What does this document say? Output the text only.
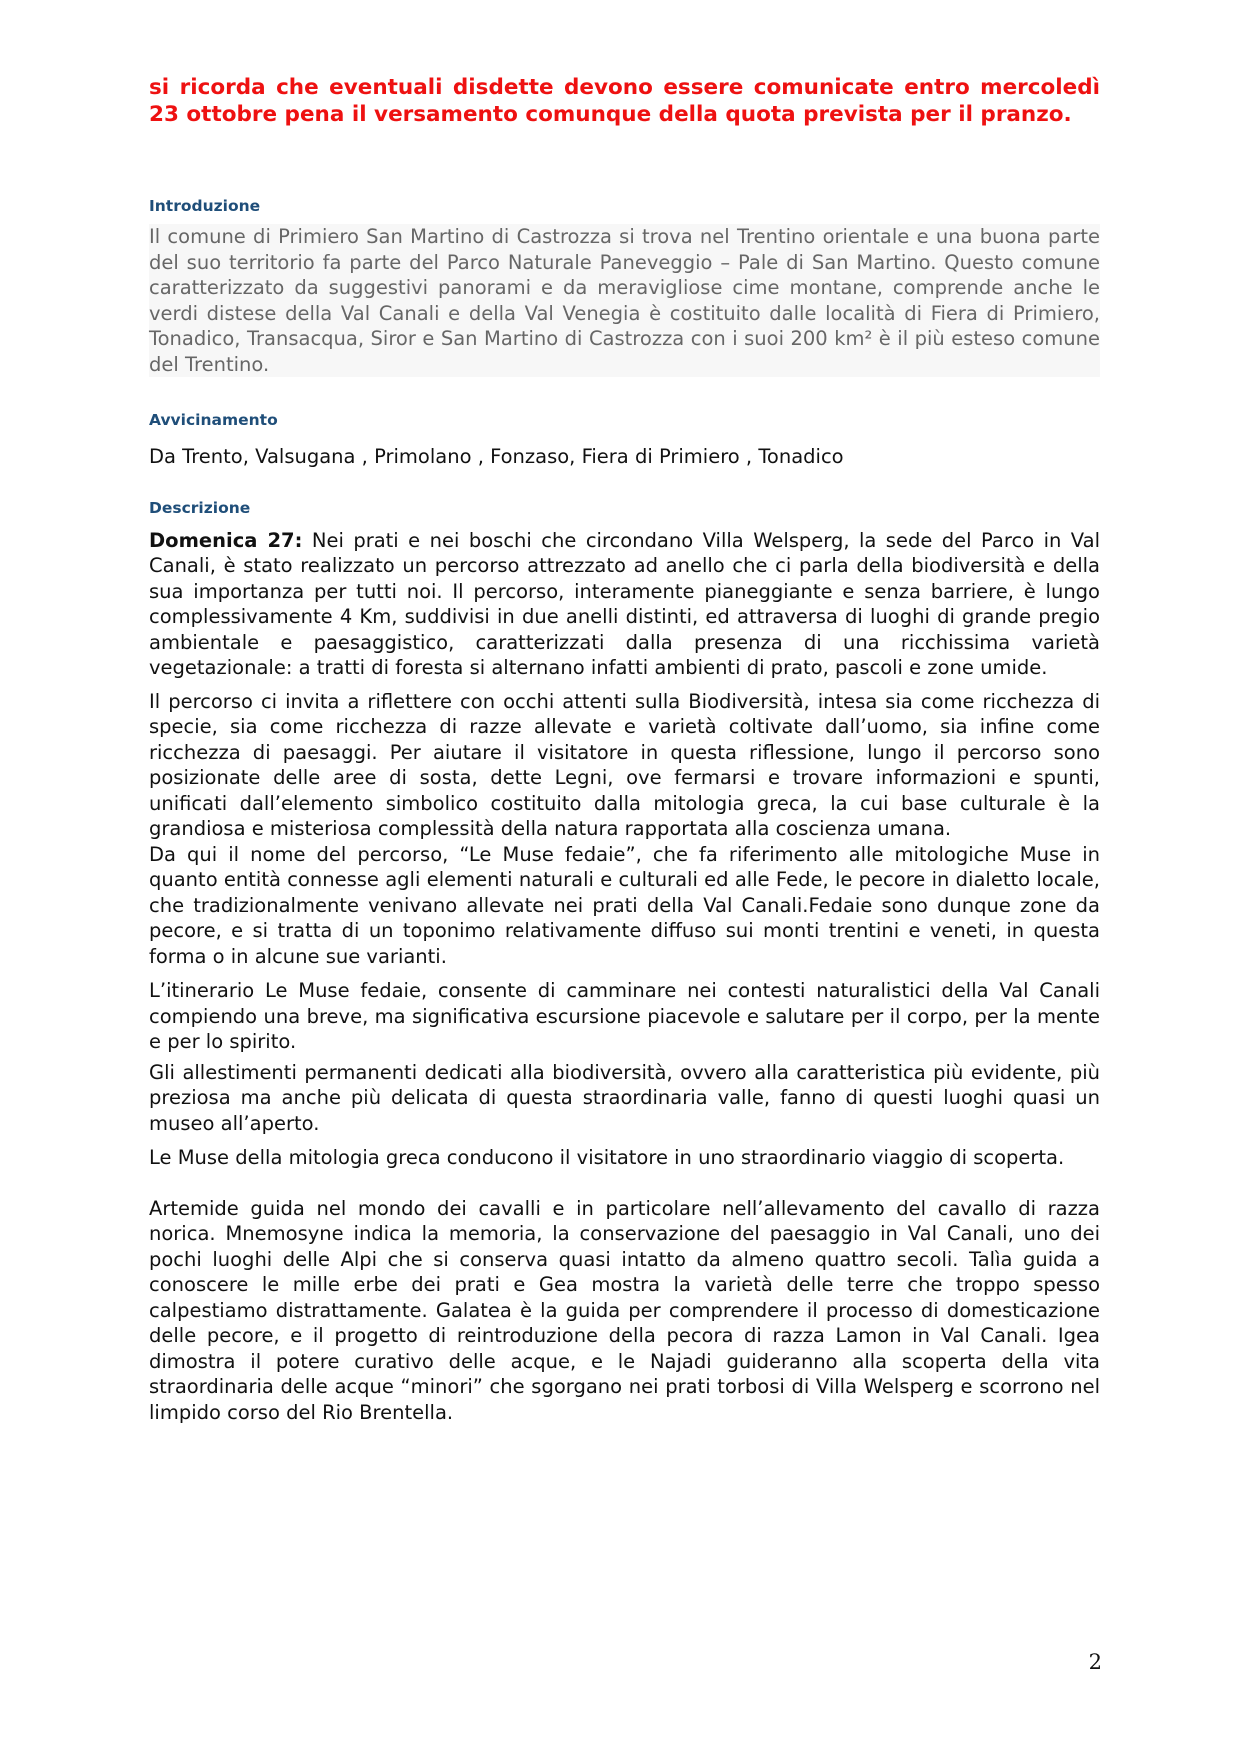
si ricorda che eventuali disdette devono essere comunicate entro mercoledì 23 ottobre pena il versamento comunque della quota prevista per il pranzo.

Introduzione

Il comune di Primiero San Martino di Castrozza si trova nel Trentino orientale e una buona parte del suo territorio fa parte del Parco Naturale Paneveggio – Pale di San Martino. Questo comune caratterizzato da suggestivi panorami e da meravigliose cime montane, comprende anche le verdi distese della Val Canali e della Val Venegia è costituito dalle località di Fiera di Primiero, Tonadico, Transacqua, Siror e San Martino di Castrozza con i suoi 200 km² è il più esteso comune del Trentino.

Avvicinamento

Da Trento, Valsugana , Primolano , Fonzaso, Fiera di Primiero , Tonadico

Descrizione

Domenica 27: Nei prati e nei boschi che circondano Villa Welsperg, la sede del Parco in Val Canali, è stato realizzato un percorso attrezzato ad anello che ci parla della biodiversità e della sua importanza per tutti noi. Il percorso, interamente pianeggiante e senza barriere, è lungo complessivamente 4 Km, suddivisi in due anelli distinti, ed attraversa di luoghi di grande pregio ambientale e paesaggistico, caratterizzati dalla presenza di una ricchissima varietà vegetazionale: a tratti di foresta si alternano infatti ambienti di prato, pascoli e zone umide.

Il percorso ci invita a riflettere con occhi attenti sulla Biodiversità, intesa sia come ricchezza di specie, sia come ricchezza di razze allevate e varietà coltivate dall’uomo, sia infine come ricchezza di paesaggi. Per aiutare il visitatore in questa riflessione, lungo il percorso sono posizionate delle aree di sosta, dette Legni, ove fermarsi e trovare informazioni e spunti, unificati dall’elemento simbolico costituito dalla mitologia greca, la cui base culturale è la grandiosa e misteriosa complessità della natura rapportata alla coscienza umana.

Da qui il nome del percorso, “Le Muse fedaie”, che fa riferimento alle mitologiche Muse in quanto entità connesse agli elementi naturali e culturali ed alle Fede, le pecore in dialetto locale, che tradizionalmente venivano allevate nei prati della Val Canali.Fedaie sono dunque zone da pecore, e si tratta di un toponimo relativamente diffuso sui monti trentini e veneti, in questa forma o in alcune sue varianti.

L’itinerario Le Muse fedaie, consente di camminare nei contesti naturalistici della Val Canali compiendo una breve, ma significativa escursione piacevole e salutare per il corpo, per la mente e per lo spirito.

Gli allestimenti permanenti dedicati alla biodiversità, ovvero alla caratteristica più evidente, più preziosa ma anche più delicata di questa straordinaria valle, fanno di questi luoghi quasi un museo all’aperto.

Le Muse della mitologia greca conducono il visitatore in uno straordinario viaggio di scoperta.

Artemide guida nel mondo dei cavalli e in particolare nell’allevamento del cavallo di razza norica. Mnemosyne indica la memoria, la conservazione del paesaggio in Val Canali, uno dei pochi luoghi delle Alpi che si conserva quasi intatto da almeno quattro secoli. Talìa guida a conoscere le mille erbe dei prati e Gea mostra la varietà delle terre che troppo spesso calpestiamo distrattamente. Galatea è la guida per comprendere il processo di domesticazione delle pecore, e il progetto di reintroduzione della pecora di razza Lamon in Val Canali. Igea dimostra il potere curativo delle acque, e le Najadi guideranno alla scoperta della vita straordinaria delle acque “minori” che sgorgano nei prati torbosi di Villa Welsperg e scorrono nel limpido corso del Rio Brentella.

2
